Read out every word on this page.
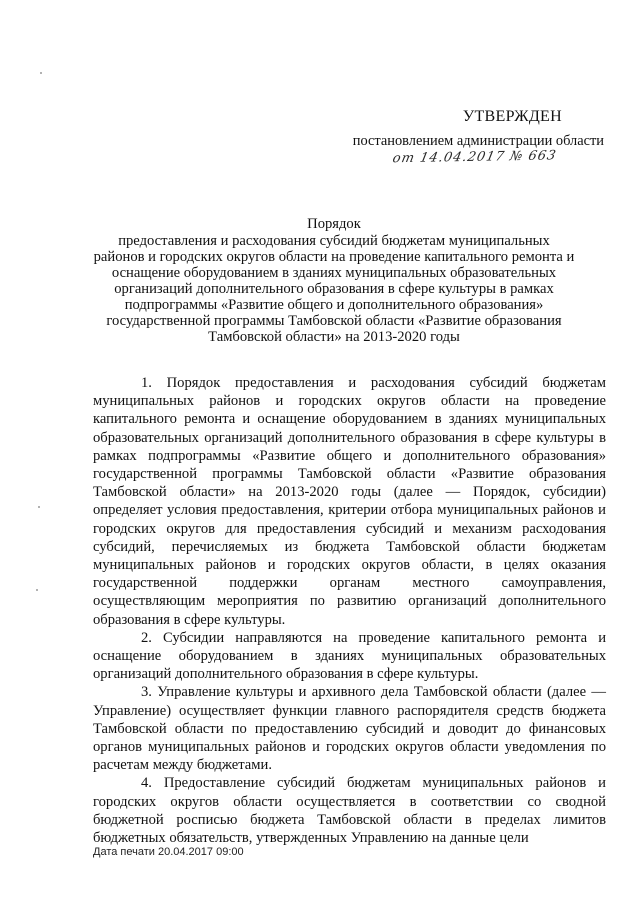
УТВЕРЖДЕН
постановлением администрации области
от 14.04.2017 № 663
Порядок
предоставления и расходования субсидий бюджетам муниципальных
районов и городских округов области на проведение капитального ремонта и
оснащение оборудованием в зданиях муниципальных образовательных
организаций дополнительного образования в сфере культуры в рамках
подпрограммы «Развитие общего и дополнительного образования»
государственной программы Тамбовской области «Развитие образования
Тамбовской области» на 2013-2020 годы

1. Порядок предоставления и расходования субсидий бюджетам муниципальных районов и городских округов области на проведение капитального ремонта и оснащение оборудованием в зданиях муниципальных образовательных организаций дополнительного образования в сфере культуры в рамках подпрограммы «Развитие общего и дополнительного образования» государственной программы Тамбовской области «Развитие образования Тамбовской области» на 2013-2020 годы (далее — Порядок, субсидии) определяет условия предоставления, критерии отбора муниципальных районов и городских округов для предоставления субсидий и механизм расходования субсидий, перечисляемых из бюджета Тамбовской области бюджетам муниципальных районов и городских округов области, в целях оказания государственной поддержки органам местного самоуправления, осуществляющим мероприятия по развитию организаций дополнительного образования в сфере культуры.

2. Субсидии направляются на проведение капитального ремонта и оснащение оборудованием в зданиях муниципальных образовательных организаций дополнительного образования в сфере культуры.

3. Управление культуры и архивного дела Тамбовской области (далее — Управление) осуществляет функции главного распорядителя средств бюджета Тамбовской области по предоставлению субсидий и доводит до финансовых органов муниципальных районов и городских округов области уведомления по расчетам между бюджетами.

4. Предоставление субсидий бюджетам муниципальных районов и городских округов области осуществляется в соответствии со сводной бюджетной росписью бюджета Тамбовской области в пределах лимитов бюджетных обязательств, утвержденных Управлению на данные цели

Дата печати 20.04.2017 09:00
